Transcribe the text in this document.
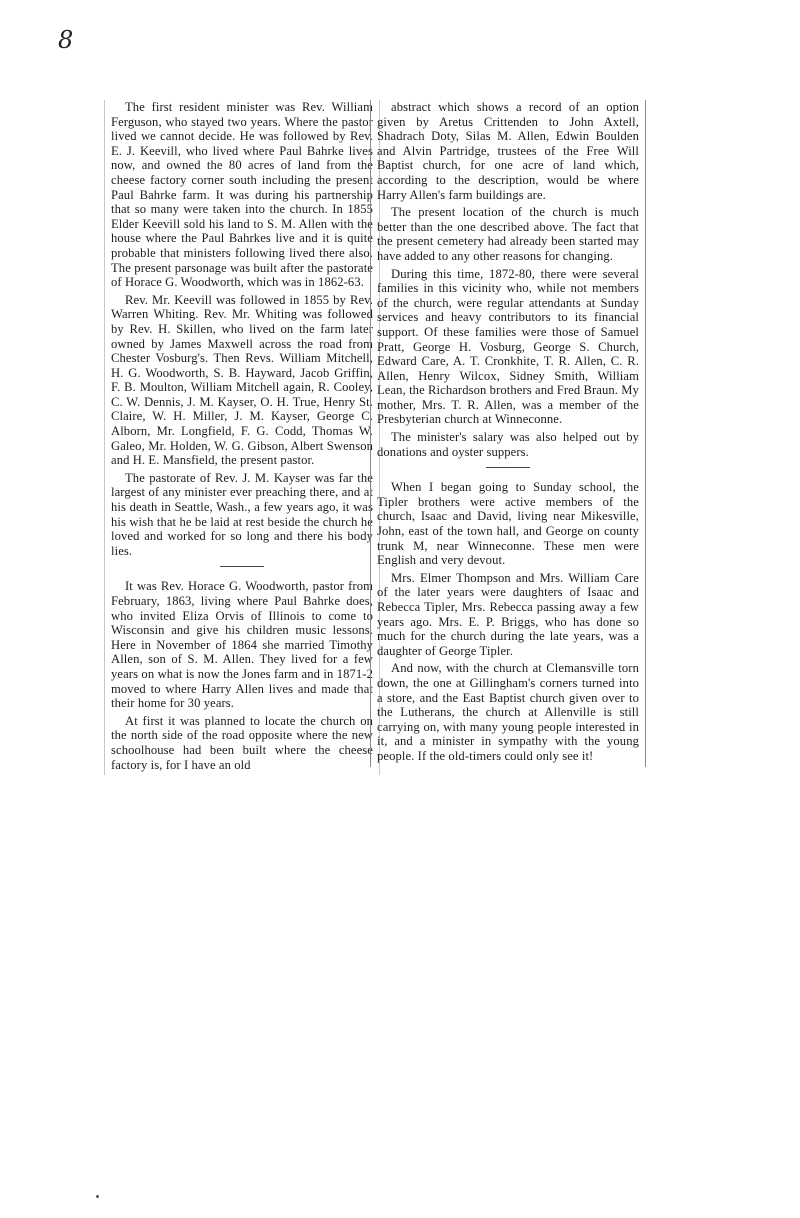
8

The first resident minister was Rev. William Ferguson, who stayed two years. Where the pastor lived we cannot decide. He was followed by Rev. E. J. Keevill, who lived where Paul Bahrke lives now, and owned the 80 acres of land from the cheese factory corner south including the present Paul Bahrke farm. It was during his partnership that so many were taken into the church. In 1855 Elder Keevill sold his land to S. M. Allen with the house where the Paul Bahrkes live and it is quite probable that ministers following lived there also. The present parsonage was built after the pastorate of Horace G. Woodworth, which was in 1862-63.

Rev. Mr. Keevill was followed in 1855 by Rev. Warren Whiting. Rev. Mr. Whiting was followed by Rev. H. Skillen, who lived on the farm later owned by James Maxwell across the road from Chester Vosburg's. Then Revs. William Mitchell, H. G. Woodworth, S. B. Hayward, Jacob Griffin, F. B. Moulton, William Mitchell again, R. Cooley, C. W. Dennis, J. M. Kayser, O. H. True, Henry St. Claire, W. H. Miller, J. M. Kayser, George C. Alborn, Mr. Longfield, F. G. Codd, Thomas W. Galeo, Mr. Holden, W. G. Gibson, Albert Swenson and H. E. Mansfield, the present pastor.

The pastorate of Rev. J. M. Kayser was far the largest of any minister ever preaching there, and at his death in Seattle, Wash., a few years ago, it was his wish that he be laid at rest beside the church he loved and worked for so long and there his body lies.

It was Rev. Horace G. Woodworth, pastor from February, 1863, living where Paul Bahrke does, who invited Eliza Orvis of Illinois to come to Wisconsin and give his children music lessons. Here in November of 1864 she married Timothy Allen, son of S. M. Allen. They lived for a few years on what is now the Jones farm and in 1871-2 moved to where Harry Allen lives and made that their home for 30 years.

At first it was planned to locate the church on the north side of the road opposite where the new schoolhouse had been built where the cheese factory is, for I have an old

abstract which shows a record of an option given by Aretus Crittenden to John Axtell, Shadrach Doty, Silas M. Allen, Edwin Boulden and Alvin Partridge, trustees of the Free Will Baptist church, for one acre of land which, according to the description, would be where Harry Allen's farm buildings are.

The present location of the church is much better than the one described above. The fact that the present cemetery had already been started may have added to any other reasons for changing.

During this time, 1872-80, there were several families in this vicinity who, while not members of the church, were regular attendants at Sunday services and heavy contributors to its financial support. Of these families were those of Samuel Pratt, George H. Vosburg, George S. Church, Edward Care, A. T. Cronkhite, T. R. Allen, C. R. Allen, Henry Wilcox, Sidney Smith, William Lean, the Richardson brothers and Fred Braun. My mother, Mrs. T. R. Allen, was a member of the Presbyterian church at Winneconne.

The minister's salary was also helped out by donations and oyster suppers.

When I began going to Sunday school, the Tipler brothers were active members of the church, Isaac and David, living near Mikesville, John, east of the town hall, and George on county trunk M, near Winneconne. These men were English and very devout.

Mrs. Elmer Thompson and Mrs. William Care of the later years were daughters of Isaac and Rebecca Tipler, Mrs. Rebecca passing away a few years ago. Mrs. E. P. Briggs, who has done so much for the church during the late years, was a daughter of George Tipler.

And now, with the church at Clemansville torn down, the one at Gillingham's corners turned into a store, and the East Baptist church given over to the Lutherans, the church at Allenville is still carrying on, with many young people interested in it, and a minister in sympathy with the young people. If the old-timers could only see it!
